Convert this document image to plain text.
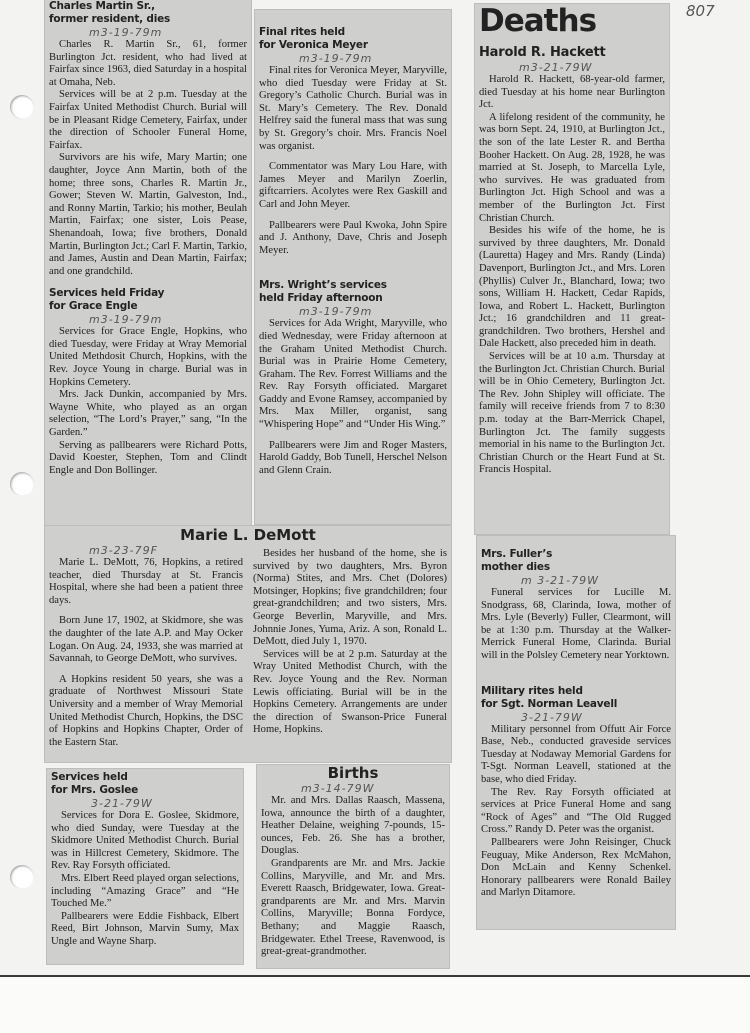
807
Charles Martin Sr.,
former resident, dies
m3-19-79m

Charles R. Martin Sr., 61, former Burlington Jct. resident, who had lived at Fairfax since 1963, died Saturday in a hospital at Omaha, Neb.

Services will be at 2 p.m. Tuesday at the Fairfax United Methodist Church. Burial will be in Pleasant Ridge Cemetery, Fairfax, under the direction of Schooler Funeral Home, Fairfax.

Survivors are his wife, Mary Martin; one daughter, Joyce Ann Martin, both of the home; three sons, Charles R. Martin Jr., Gower; Steven W. Martin, Galveston, Ind., and Ronny Martin, Tarkio; his mother, Beulah Martin, Fairfax; one sister, Lois Pease, Shenandoah, Iowa; five brothers, Donald Martin, Burlington Jct.; Carl F. Martin, Tarkio, and James, Austin and Dean Martin, Fairfax; and one grandchild.

Services held Friday
for Grace Engle
m3-19-79m

Services for Grace Engle, Hopkins, who died Tuesday, were Friday at Wray Memorial United Methdosit Church, Hopkins, with the Rev. Joyce Young in charge. Burial was in Hopkins Cemetery.

Mrs. Jack Dunkin, accompanied by Mrs. Wayne White, who played as an organ selection, “The Lord’s Prayer,” sang, “In the Garden.”

Serving as pallbearers were Richard Potts, David Koester, Stephen, Tom and Clindt Engle and Don Bollinger.

Final rites held
for Veronica Meyer
m3-19-79m

Final rites for Veronica Meyer, Maryville, who died Tuesday were Friday at St. Gregory’s Catholic Church. Burial was in St. Mary’s Cemetery. The Rev. Donald Helfrey said the funeral mass that was sung by St. Gregory’s choir. Mrs. Francis Noel was organist.

Commentator was Mary Lou Hare, with James Meyer and Marilyn Zoerlin, giftcarriers. Acolytes were Rex Gaskill and Carl and John Meyer.

Pallbearers were Paul Kwoka, John Spire and J. Anthony, Dave, Chris and Joseph Meyer.

Mrs. Wright’s services
held Friday afternoon
m3-19-79m

Services for Ada Wright, Maryville, who died Wednesday, were Friday afternoon at the Graham United Methodist Church. Burial was in Prairie Home Cemetery, Graham. The Rev. Forrest Williams and the Rev. Ray Forsyth officiated. Margaret Gaddy and Evone Ramsey, accompanied by Mrs. Max Miller, organist, sang “Whispering Hope” and “Under His Wing.”

Pallbearers were Jim and Roger Masters, Harold Gaddy, Bob Tunell, Herschel Nelson and Glenn Crain.

Marie L. DeMott
m3-23-79F

Marie L. DeMott, 76, Hopkins, a retired teacher, died Thursday at St. Francis Hospital, where she had been a patient three days.

Born June 17, 1902, at Skidmore, she was the daughter of the late A.P. and May Ocker Logan. On Aug. 24, 1933, she was married at Savannah, to George DeMott, who survives.

A Hopkins resident 50 years, she was a graduate of Northwest Missouri State University and a member of Wray Memorial United Methodist Church, Hopkins, the DSC of Hopkins and Hopkins Chapter, Order of the Eastern Star.

Besides her husband of the home, she is survived by two daughters, Mrs. Byron (Norma) Stites, and Mrs. Chet (Dolores) Motsinger, Hopkins; five grandchildren; four great-grandchildren; and two sisters, Mrs. George Beverlin, Maryville, and Mrs. Johnnie Jones, Yuma, Ariz. A son, Ronald L. DeMott, died July 1, 1970.

Services will be at 2 p.m. Saturday at the Wray United Methodist Church, with the Rev. Joyce Young and the Rev. Norman Lewis officiating. Burial will be in the Hopkins Cemetery. Arrangements are under the direction of Swanson-Price Funeral Home, Hopkins.

Services held
for Mrs. Goslee
3-21-79W

Services for Dora E. Goslee, Skidmore, who died Sunday, were Tuesday at the Skidmore United Methodist Church. Burial was in Hillcrest Cemetery, Skidmore. The Rev. Ray Forsyth officiated.

Mrs. Elbert Reed played organ selections, including “Amazing Grace” and “He Touched Me.”

Pallbearers were Eddie Fishback, Elbert Reed, Birt Johnson, Marvin Sumy, Max Ungle and Wayne Sharp.

Births
m3-14-79W

Mr. and Mrs. Dallas Raasch, Massena, Iowa, announce the birth of a daughter, Heather Delaine, weighing 7-pounds, 15-ounces, Feb. 26. She has a brother, Douglas.

Grandparents are Mr. and Mrs. Jackie Collins, Maryville, and Mr. and Mrs. Everett Raasch, Bridgewater, Iowa. Great-grandparents are Mr. and Mrs. Marvin Collins, Maryville; Bonna Fordyce, Bethany; and Maggie Raasch, Bridgewater. Ethel Treese, Ravenwood, is great-great-grandmother.

Deaths
Harold R. Hackett
m3-21-79W

Harold R. Hackett, 68-year-old farmer, died Tuesday at his home near Burlington Jct.

A lifelong resident of the community, he was born Sept. 24, 1910, at Burlington Jct., the son of the late Lester R. and Bertha Booher Hackett. On Aug. 28, 1928, he was married at St. Joseph, to Marcella Lyle, who survives. He was graduated from Burlington Jct. High School and was a member of the Burlington Jct. First Christian Church.

Besides his wife of the home, he is survived by three daughters, Mr. Donald (Lauretta) Hagey and Mrs. Randy (Linda) Davenport, Burlington Jct., and Mrs. Loren (Phyllis) Culver Jr., Blanchard, Iowa; two sons, William H. Hackett, Cedar Rapids, Iowa, and Robert L. Hackett, Burlington Jct.; 16 grandchildren and 11 great-grandchildren. Two brothers, Hershel and Dale Hackett, also preceded him in death.

Services will be at 10 a.m. Thursday at the Burlington Jct. Christian Church. Burial will be in Ohio Cemetery, Burlington Jct. The Rev. John Shipley will officiate. The family will receive friends from 7 to 8:30 p.m. today at the Barr-Merrick Chapel, Burlington Jct. The family suggests memorial in his name to the Burlington Jct. Christian Church or the Heart Fund at St. Francis Hospital.

Mrs. Fuller’s
mother dies
m 3-21-79W

Funeral services for Lucille M. Snodgrass, 68, Clarinda, Iowa, mother of Mrs. Lyle (Beverly) Fuller, Clearmont, will be at 1:30 p.m. Thursday at the Walker-Merrick Funeral Home, Clarinda. Burial will in the Polsley Cemetery near Yorktown.

Military rites held
for Sgt. Norman Leavell
3-21-79W

Military personnel from Offutt Air Force Base, Neb., conducted graveside services Tuesday at Nodaway Memorial Gardens for T-Sgt. Norman Leavell, stationed at the base, who died Friday.

The Rev. Ray Forsyth officiated at services at Price Funeral Home and sang “Rock of Ages” and “The Old Rugged Cross.” Randy D. Peter was the organist.

Pallbearers were John Reisinger, Chuck Feuguay, Mike Anderson, Rex McMahon, Don McLain and Kenny Schenkel. Honorary pallbearers were Ronald Bailey and Marlyn Ditamore.
